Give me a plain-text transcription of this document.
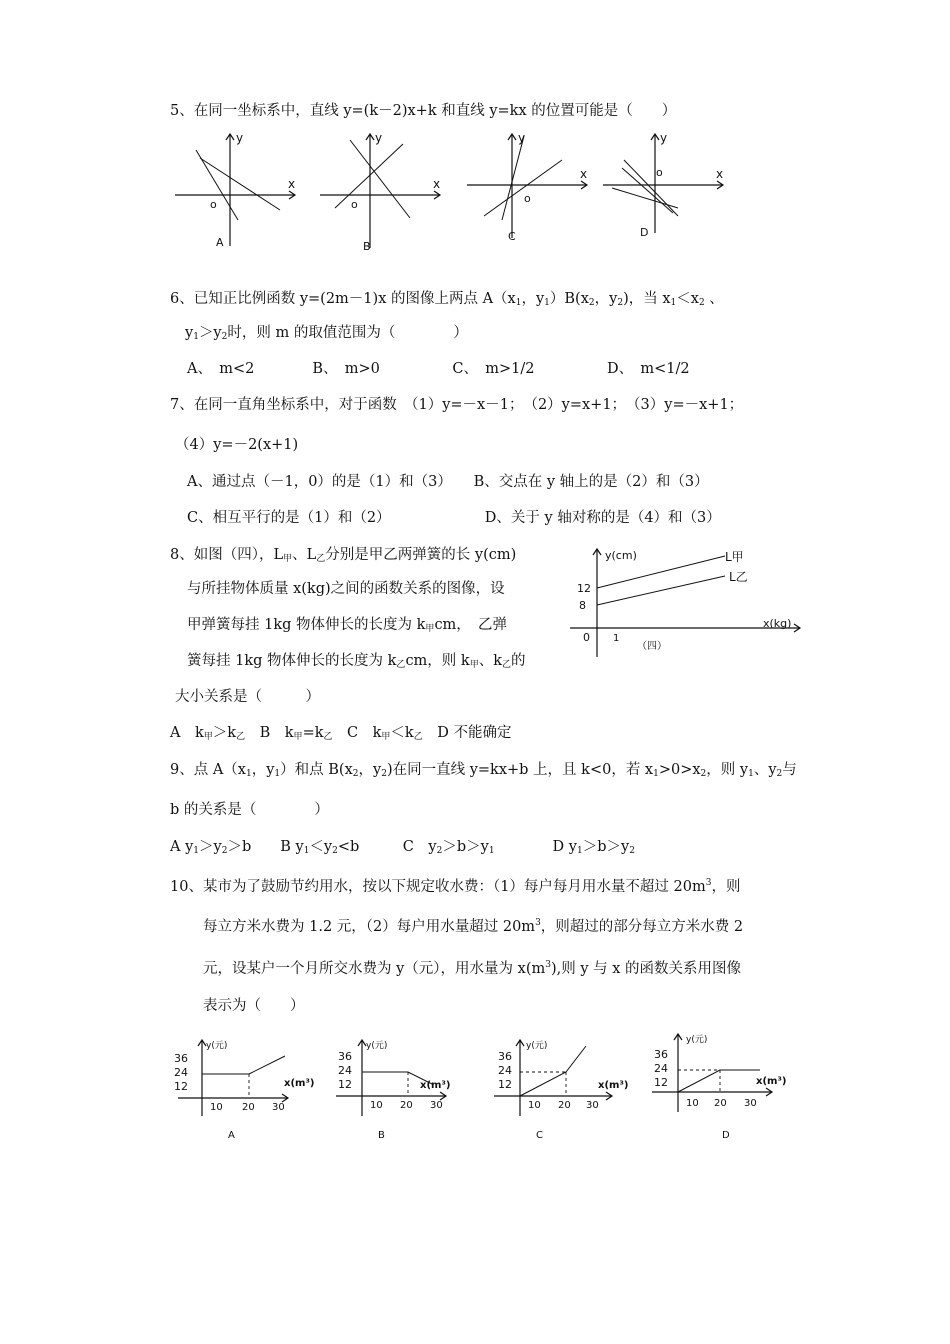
5、在同一坐标系中，直线 y=(k－2)x+k 和直线 y=kx 的位置可能是（　　）
y
x
o
A
y
x
o
B
y
x
o
C
y
x
o
D
6、已知正比例函数 y=(2m－1)x 的图像上两点 $A(x_1$，$y_1)B(x_2$，$y_2$)，当 $x_1<x_2$ 、
$y_1>y_2$时，则 m 的取值范围为（　　　　）
A、　m<2　　　　B、　m>0　　　　　C、　m>1/2　　　　　D、　m<1/2
7、在同一直角坐标系中，对于函数　（1）y=－x－1；　（2）y=x+1；　（3）y=－x+1；
（4）y=－2(x+1)
A、通过点（－1，0）的是（1）和（3）　　B、交点在 y 轴上的是（2）和（3）
C、相互平行的是（1）和（2）　　　　　　　D、关于 y 轴对称的是（4）和（3）
8、如图（四），$L_甲$、$L_乙$分别是甲乙两弹簧的长 y(cm)
与所挂物体质量 x(kg)之间的函数关系的图像，设
甲弹簧每挂 1kg 物体伸长的长度为 $k_甲cm$，　乙弹
簧每挂 1kg 物体伸长的长度为 $k_乙cm$，则 $k_甲$、$k_乙$的
大小关系是（　　　）
A　$k_甲>k_乙$　B　$k_甲=k_乙$　C　$k_甲<k_乙$　D 不能确定
y(cm)	L甲
L乙
12
8
0 1
x(kg)
（四）
9、点 $A(x_1$，$y_1$）和点 $B(x_2$，$y_2$)在同一直线 y=kx+b 上，且 k<0，若 $x_1>0>x_2$，则 $y_1$、$y_2$与
b 的关系是（　　　　）
A $y_1>y_2>b$　　B $y_1<y_2<b$　　　C　$y_2>b>y_1$　　　　D $y_1>b>y_2$
10、某市为了鼓励节约用水，按以下规定收水费：（1）每户每月用水量不超过 $20m^3$，则
每立方米水费为 1.2 元，（2）每户用水量超过 $20m^3$，则超过的部分每立方米水费 2
元，设某户一个月所交水费为 y（元），用水量为 $x(m^3)$,则 y 与 x 的函数关系用图像
表示为（　　）
y(元)
36
24
12	x(m³)
10 20 30
A
y(元)
36
24
12	x(m³)
10 20 30
B
y(元)
36
24
12	x(m³)
10 20 30
C
y(元)
36
24
12	x(m³)
10 20 30
D
